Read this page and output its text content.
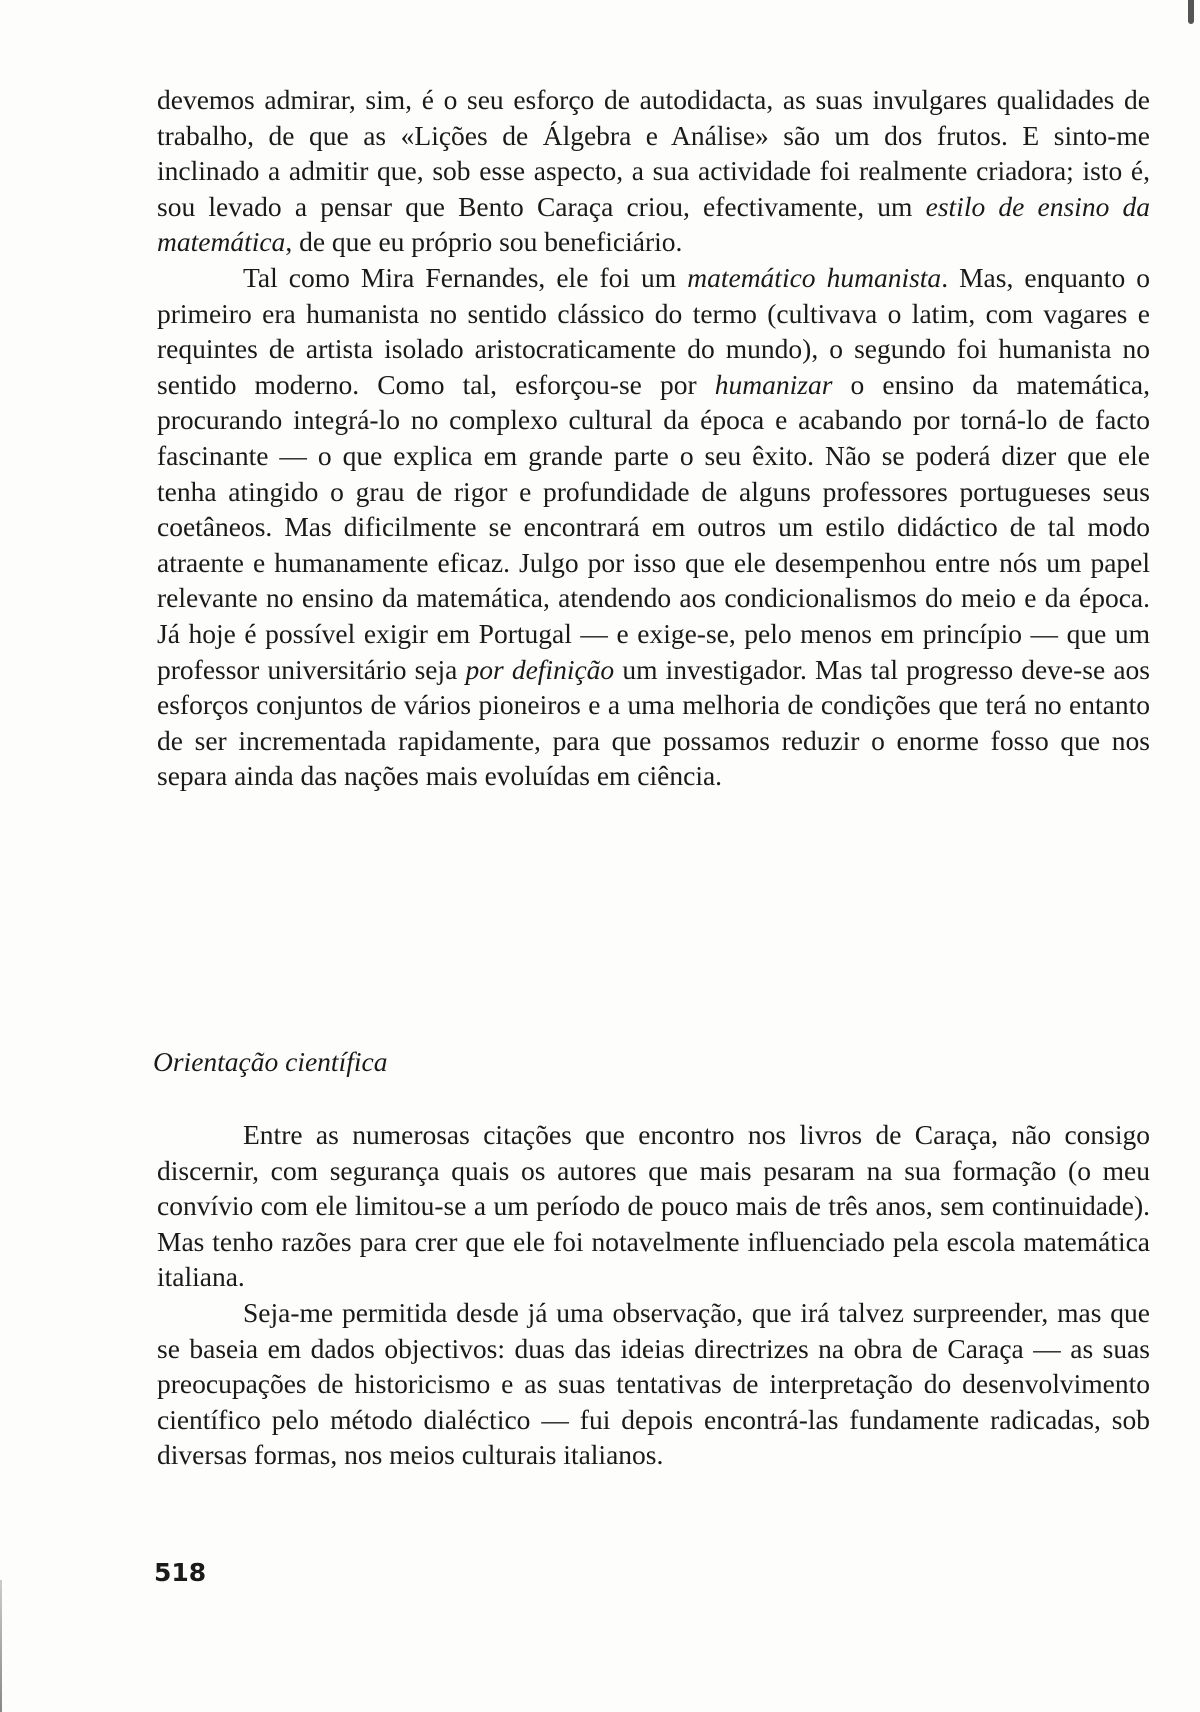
devemos admirar, sim, é o seu esforço de autodidacta, as suas invulgares qualidades de trabalho, de que as «Lições de Álgebra e Análise» são um dos frutos. E sinto-me inclinado a admitir que, sob esse aspecto, a sua actividade foi realmente criadora; isto é, sou levado a pensar que Bento Caraça criou, efectivamente, um estilo de ensino da matemática, de que eu próprio sou beneficiário.

Tal como Mira Fernandes, ele foi um matemático humanista. Mas, enquanto o primeiro era humanista no sentido clássico do termo (cultivava o latim, com vagares e requintes de artista isolado aristocraticamente do mundo), o segundo foi humanista no sentido moderno. Como tal, esforçou-se por humanizar o ensino da matemática, procurando integrá-lo no complexo cultural da época e acabando por torná-lo de facto fascinante — o que explica em grande parte o seu êxito. Não se poderá dizer que ele tenha atingido o grau de rigor e profundidade de alguns professores portugueses seus coetâneos. Mas dificilmente se encontrará em outros um estilo didáctico de tal modo atraente e humanamente eficaz. Julgo por isso que ele desempenhou entre nós um papel relevante no ensino da matemática, atendendo aos condicionalismos do meio e da época. Já hoje é possível exigir em Portugal — e exige-se, pelo menos em princípio — que um professor universitário seja por definição um investigador. Mas tal progresso deve-se aos esforços conjuntos de vários pioneiros e a uma melhoria de condições que terá no entanto de ser incrementada rapidamente, para que possamos reduzir o enorme fosso que nos separa ainda das nações mais evoluídas em ciência.

Orientação científica

Entre as numerosas citações que encontro nos livros de Caraça, não consigo discernir, com segurança quais os autores que mais pesaram na sua formação (o meu convívio com ele limitou-se a um período de pouco mais de três anos, sem continuidade). Mas tenho razões para crer que ele foi notavelmente influenciado pela escola matemática italiana.

Seja-me permitida desde já uma observação, que irá talvez surpreender, mas que se baseia em dados objectivos: duas das ideias directrizes na obra de Caraça — as suas preocupações de historicismo e as suas tentativas de interpretação do desenvolvimento científico pelo método dialéctico — fui depois encontrá-las fundamente radicadas, sob diversas formas, nos meios culturais italianos.

518
